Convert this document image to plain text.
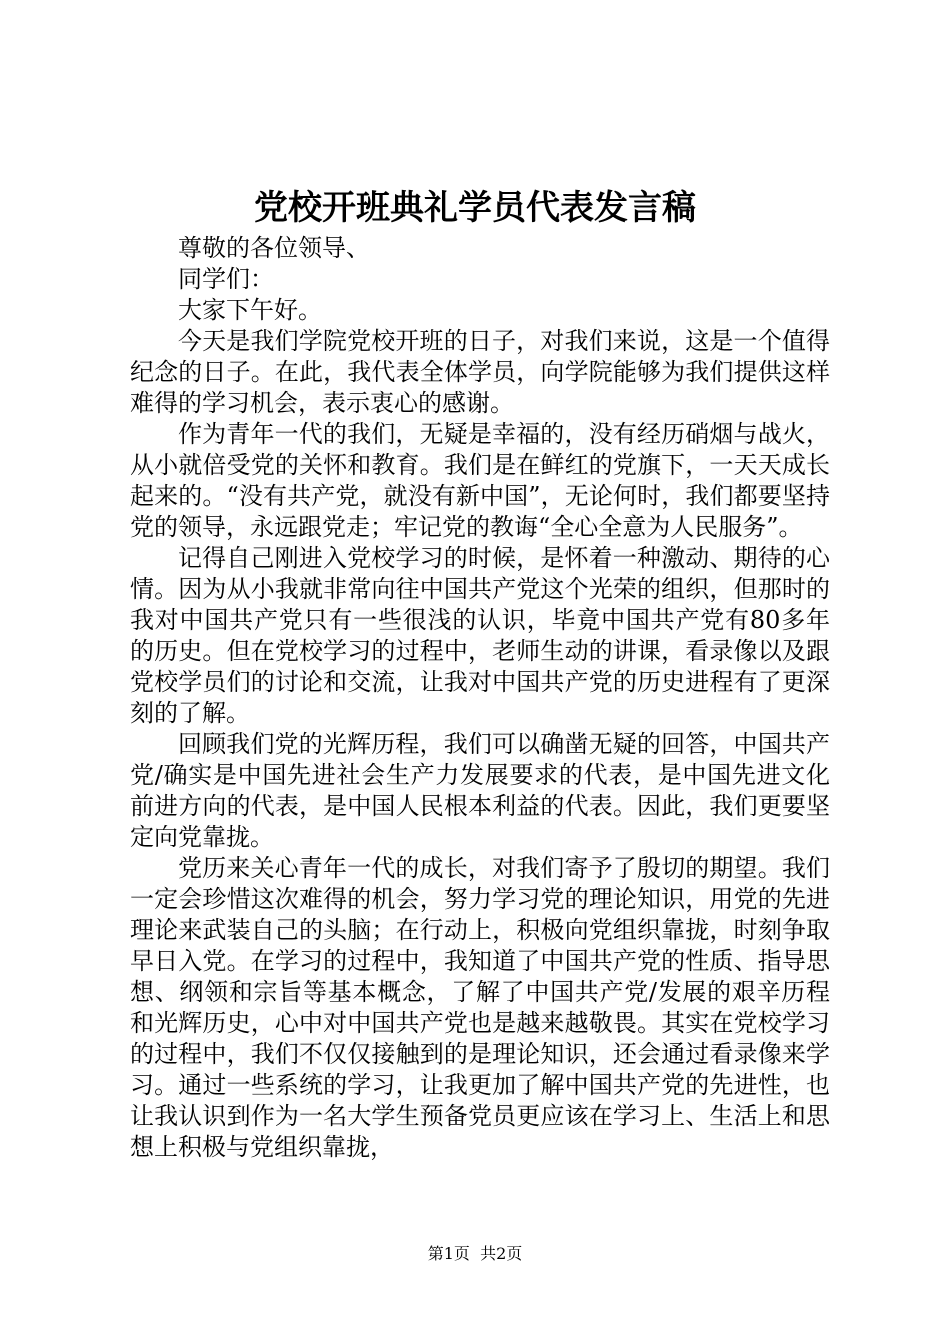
党校开班典礼学员代表发言稿

尊敬的各位领导、

同学们：

大家下午好。

今天是我们学院党校开班的日子，对我们来说，这是一个值得纪念的日子。在此，我代表全体学员，向学院能够为我们提供这样难得的学习机会，表示衷心的感谢。

作为青年一代的我们，无疑是幸福的，没有经历硝烟与战火，从小就倍受党的关怀和教育。我们是在鲜红的党旗下，一天天成长起来的。“没有共产党，就没有新中国”，无论何时，我们都要坚持党的领导，永远跟党走；牢记党的教诲“全心全意为人民服务”。

记得自己刚进入党校学习的时候，是怀着一种激动、期待的心情。因为从小我就非常向往中国共产党这个光荣的组织，但那时的我对中国共产党只有一些很浅的认识，毕竟中国共产党有80多年的历史。但在党校学习的过程中，老师生动的讲课，看录像以及跟党校学员们的讨论和交流，让我对中国共产党的历史进程有了更深刻的了解。

回顾我们党的光辉历程，我们可以确凿无疑的回答，中国共产党/确实是中国先进社会生产力发展要求的代表，是中国先进文化前进方向的代表，是中国人民根本利益的代表。因此，我们更要坚定向党靠拢。

党历来关心青年一代的成长，对我们寄予了殷切的期望。我们一定会珍惜这次难得的机会，努力学习党的理论知识，用党的先进理论来武装自己的头脑；在行动上，积极向党组织靠拢，时刻争取早日入党。在学习的过程中，我知道了中国共产党的性质、指导思想、纲领和宗旨等基本概念，了解了中国共产党/发展的艰辛历程和光辉历史，心中对中国共产党也是越来越敬畏。其实在党校学习的过程中，我们不仅仅接触到的是理论知识，还会通过看录像来学习。通过一些系统的学习，让我更加了解中国共产党的先进性，也让我认识到作为一名大学生预备党员更应该在学习上、生活上和思想上积极与党组织靠拢，

第1页 共2页
